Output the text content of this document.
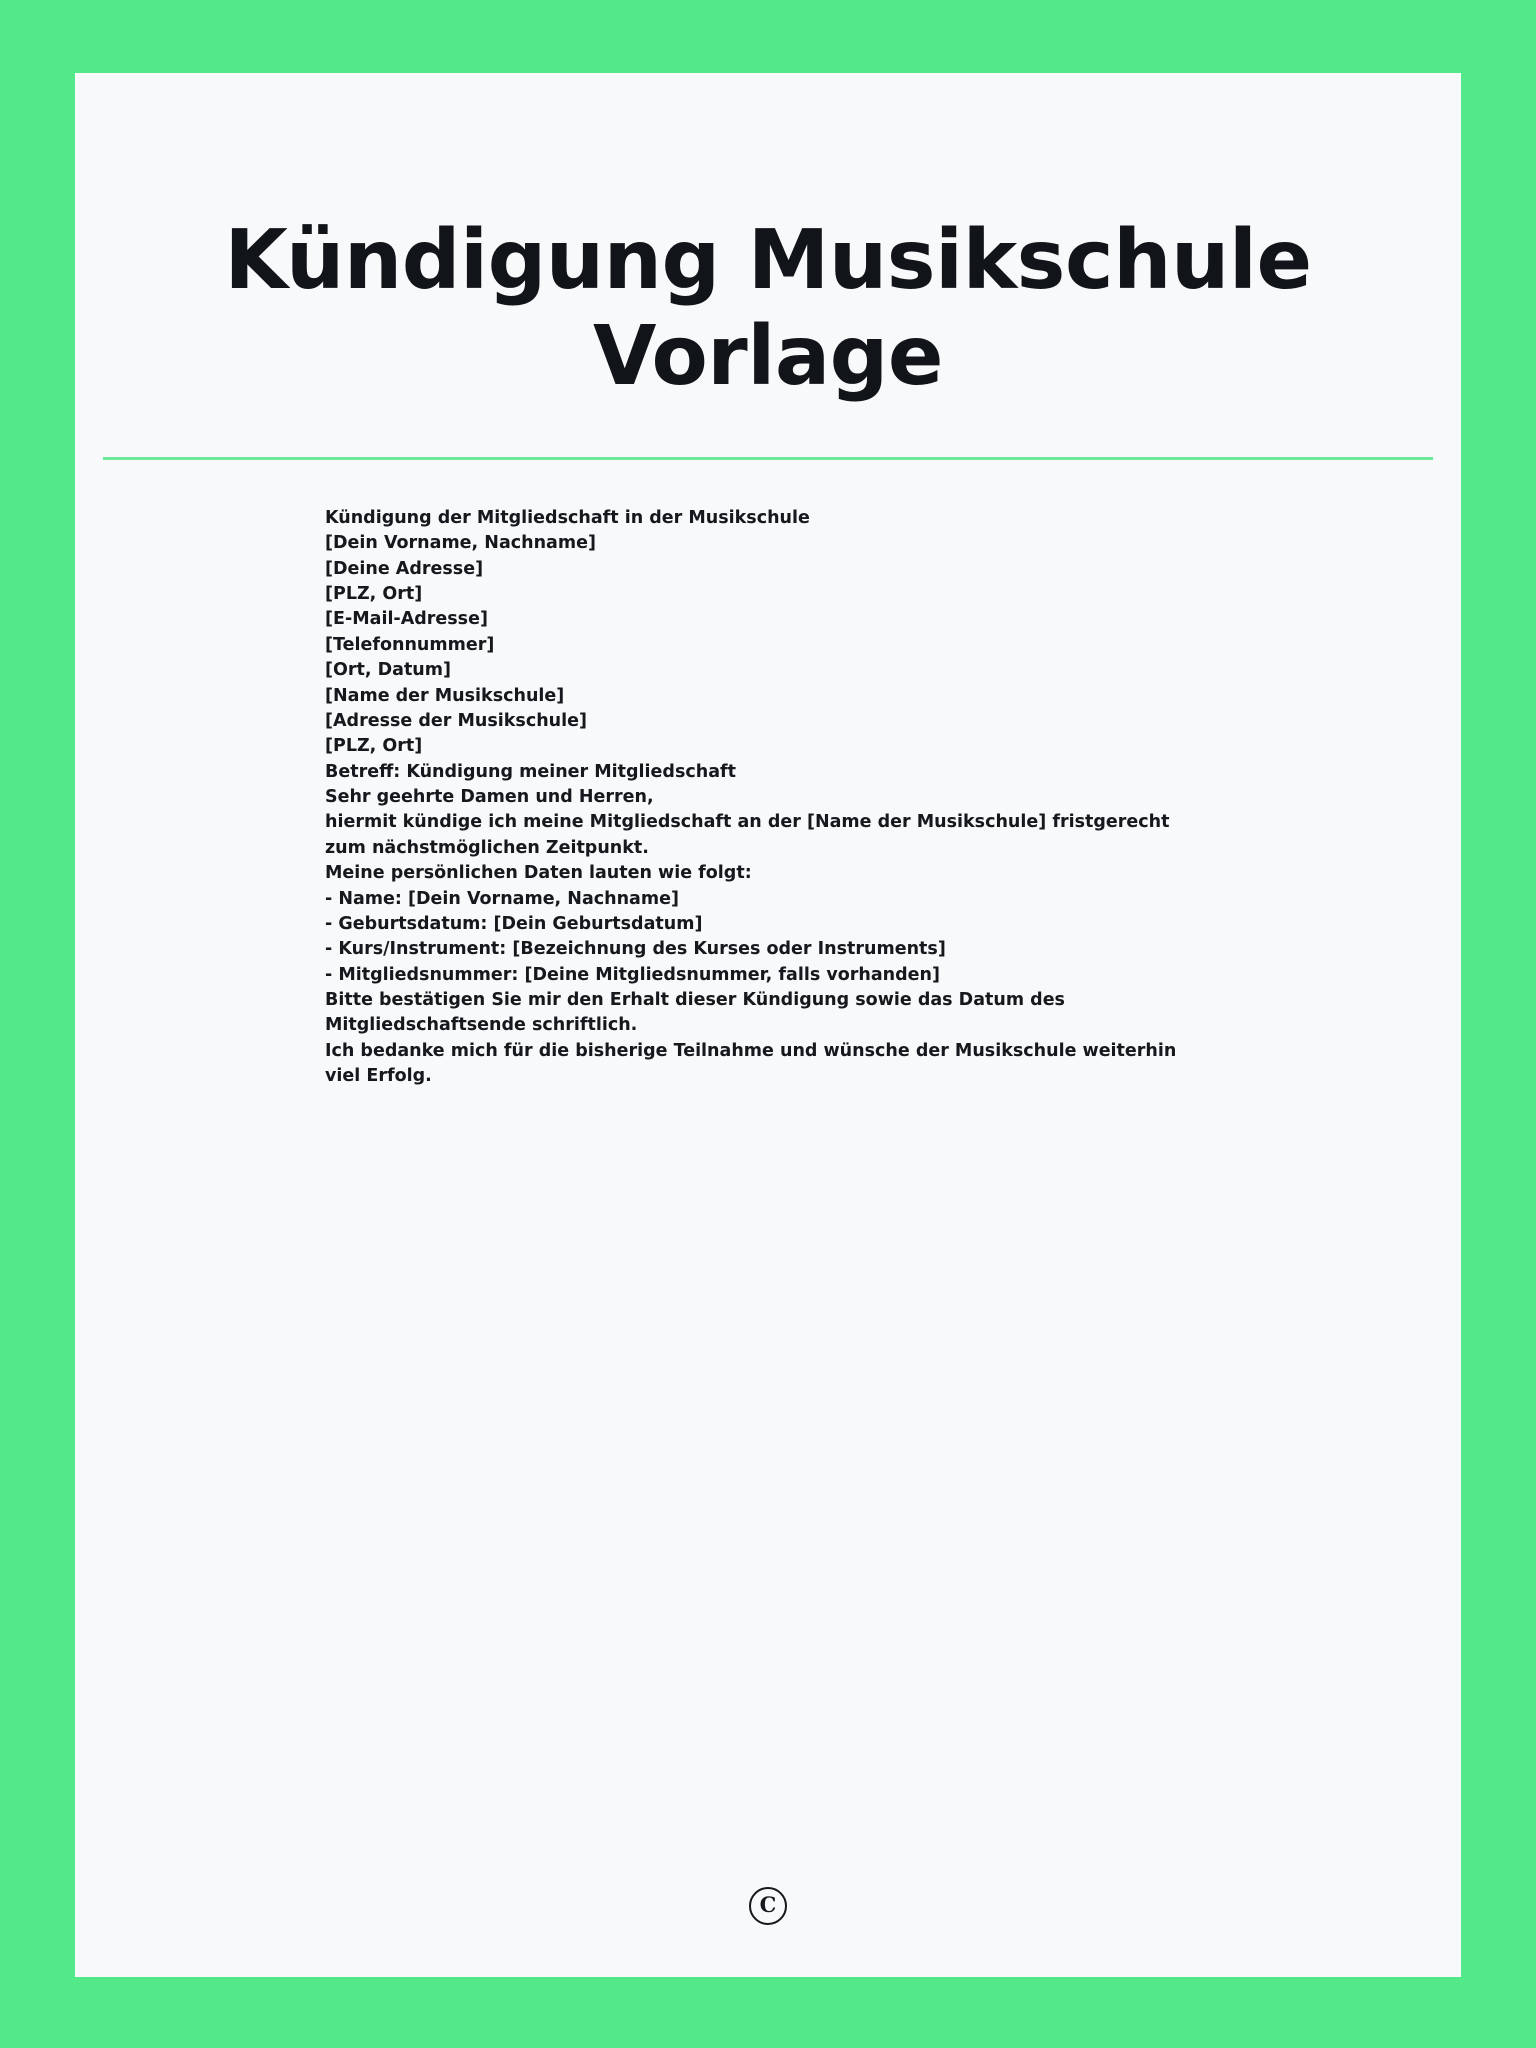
Kündigung Musikschule Vorlage

Kündigung der Mitgliedschaft in der Musikschule

[Dein Vorname, Nachname]

[Deine Adresse]

[PLZ, Ort]

[E-Mail-Adresse]

[Telefonnummer]

[Ort, Datum]

[Name der Musikschule]

[Adresse der Musikschule]

[PLZ, Ort]

Betreff: Kündigung meiner Mitgliedschaft

Sehr geehrte Damen und Herren,

hiermit kündige ich meine Mitgliedschaft an der [Name der Musikschule] fristgerecht zum nächstmöglichen Zeitpunkt.

Meine persönlichen Daten lauten wie folgt:

- Name: [Dein Vorname, Nachname]

- Geburtsdatum: [Dein Geburtsdatum]

- Kurs/Instrument: [Bezeichnung des Kurses oder Instruments]

- Mitgliedsnummer: [Deine Mitgliedsnummer, falls vorhanden]

Bitte bestätigen Sie mir den Erhalt dieser Kündigung sowie das Datum des Mitgliedschaftsende schriftlich.

Ich bedanke mich für die bisherige Teilnahme und wünsche der Musikschule weiterhin viel Erfolg.

C
